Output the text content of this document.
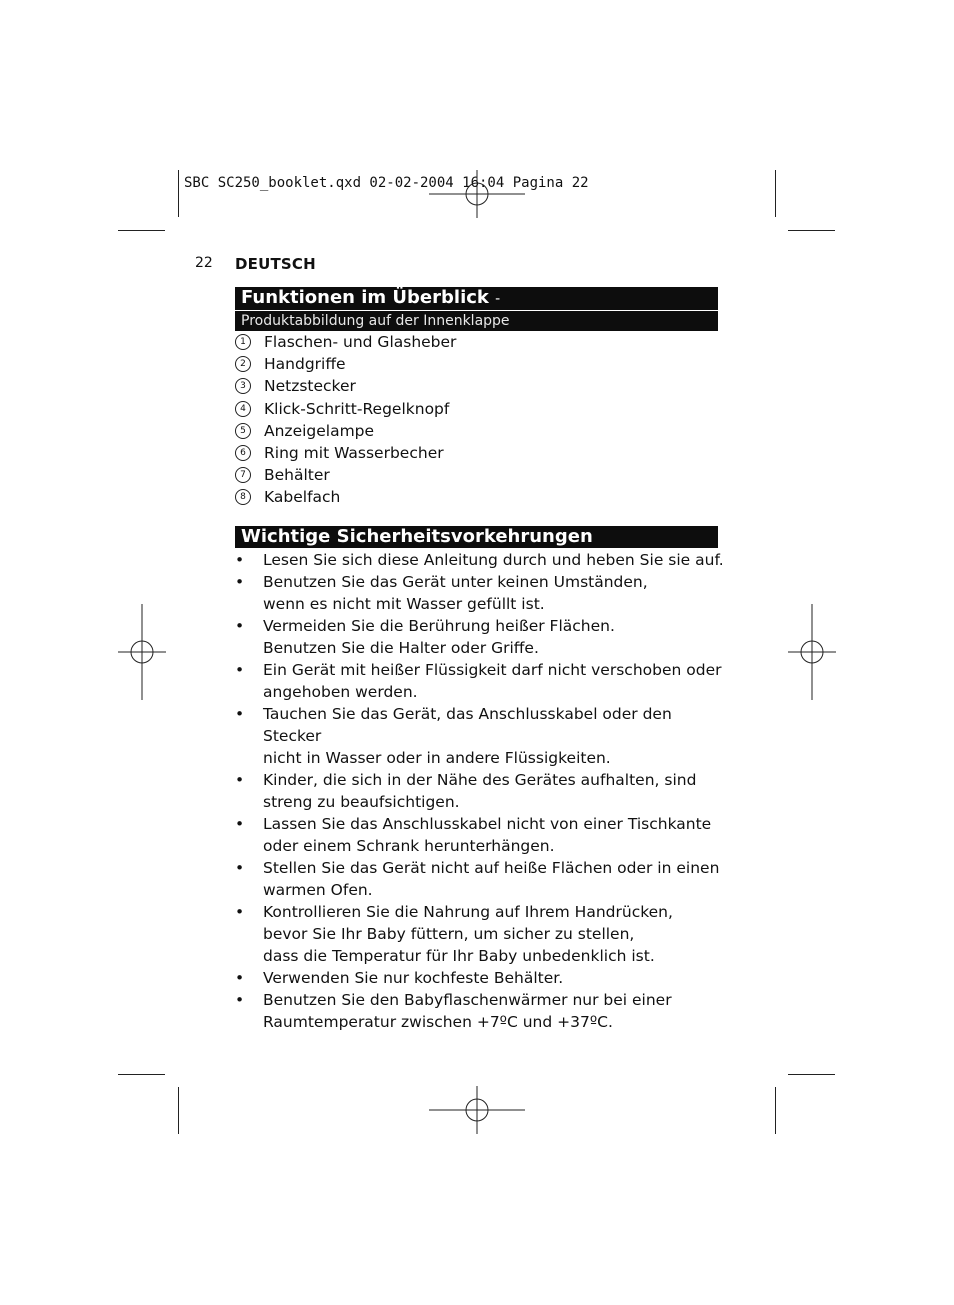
SBC SC250_booklet.qxd 02-02-2004 16:04 Pagina 22
22 DEUTSCH
Funktionen im Überblick -
Produktabbildung auf der Innenklappe
1	Flaschen- und Glasheber
2	Handgriffe
3	Netzstecker
4	Klick-Schritt-Regelknopf
5	Anzeigelampe
6	Ring mit Wasserbecher
7	Behälter
8	Kabelfach
Wichtige Sicherheitsvorkehrungen
•	Lesen Sie sich diese Anleitung durch und heben Sie sie auf.
•	Benutzen Sie das Gerät unter keinen Umständen,
wenn es nicht mit Wasser gefüllt ist.
•	Vermeiden Sie die Berührung heißer Flächen.
Benutzen Sie die Halter oder Griffe.
•	Ein Gerät mit heißer Flüssigkeit darf nicht verschoben oder
angehoben werden.
•	Tauchen Sie das Gerät, das Anschlusskabel oder den Stecker
nicht in Wasser oder in andere Flüssigkeiten.
•	Kinder, die sich in der Nähe des Gerätes aufhalten, sind
streng zu beaufsichtigen.
•	Lassen Sie das Anschlusskabel nicht von einer Tischkante
oder einem Schrank herunterhängen.
•	Stellen Sie das Gerät nicht auf heiße Flächen oder in einen
warmen Ofen.
•	Kontrollieren Sie die Nahrung auf Ihrem Handrücken,
bevor Sie Ihr Baby füttern, um sicher zu stellen,
dass die Temperatur für Ihr Baby unbedenklich ist.
•	Verwenden Sie nur kochfeste Behälter.
•	Benutzen Sie den Babyflaschenwärmer nur bei einer
Raumtemperatur zwischen +7ºC und +37ºC.
